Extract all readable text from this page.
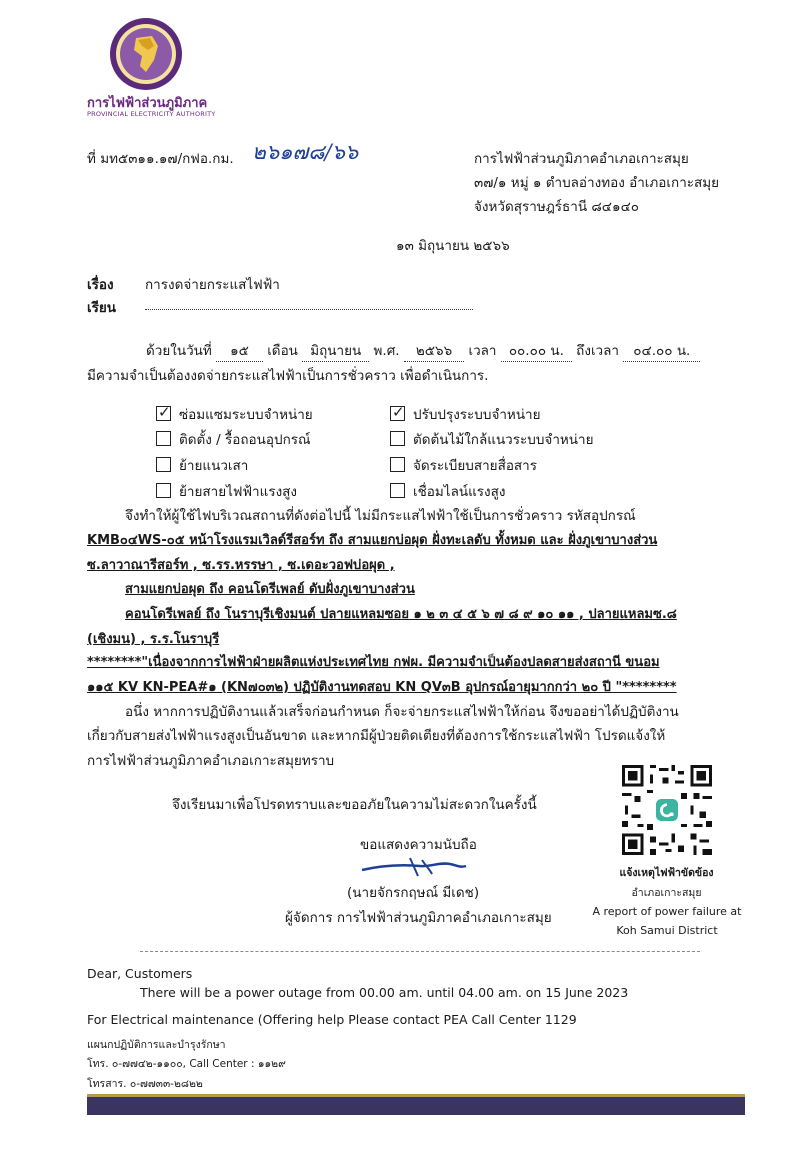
การไฟฟ้าส่วนภูมิภาค
PROVINCIAL ELECTRICITY AUTHORITY
ที่ มท๕๓๑๑.๑๗/กฟอ.กม. ๒๖๑๗๘/๖๖	การไฟฟ้าส่วนภูมิภาคอำเภอเกาะสมุย
๓๗/๑ หมู่ ๑ ตำบลอ่างทอง อำเภอเกาะสมุย
จังหวัดสุราษฎร์ธานี ๘๔๑๔๐
๑๓ มิถุนายน ๒๕๖๖
เรื่อง การงดจ่ายกระแสไฟฟ้า
เรียน
ด้วยในวันที่ ๑๕ เดือน มิถุนายน พ.ศ. ๒๕๖๖ เวลา ๐๐.๐๐ น. ถึงเวลา ๐๔.๐๐ น.
มีความจำเป็นต้องงดจ่ายกระแสไฟฟ้าเป็นการชั่วคราว เพื่อดำเนินการ.
✓ซ่อมแซมระบบจำหน่าย
ติดตั้ง / รื้อถอนอุปกรณ์
ย้ายแนวเสา
ย้ายสายไฟฟ้าแรงสูง
✓ปรับปรุงระบบจำหน่าย
ตัดต้นไม้ใกล้แนวระบบจำหน่าย
จัดระเบียบสายสื่อสาร
เชื่อมไลน์แรงสูง
จึงทำให้ผู้ใช้ไฟบริเวณสถานที่ดังต่อไปนี้ ไม่มีกระแสไฟฟ้าใช้เป็นการชั่วคราว รหัสอุปกรณ์
KMB๐๔WS-๐๕ หน้าโรงแรมเวิลด์รีสอร์ท ถึง สามแยกบ่อผุด ฝั่งทะเลดับ ทั้งหมด และ ฝั่งภูเขาบางส่วน
ซ.ลาวาณารีสอร์ท , ซ.รร.หรรษา , ซ.เดอะวอฟบ่อผุด ,
สามแยกบ่อผุด ถึง คอนโดรีเพลย์ ดับฝั่งภูเขาบางส่วน
คอนโดรีเพลย์ ถึง โนราบุรีเชิงมนต์ ปลายแหลมซอย ๑ ๒ ๓ ๔ ๕ ๖ ๗ ๘ ๙ ๑๐ ๑๑ , ปลายแหลมซ.๘
(เชิงมน) , ร.ร.โนราบุรี
********"เนื่องจากการไฟฟ้าฝ่ายผลิตแห่งประเทศไทย กฟผ. มีความจำเป็นต้องปลดสายส่งสถานี ขนอม
๑๑๕ KV KN-PEA#๑ (KN๗๐๓๒) ปฏิบัติงานทดสอบ KN QV๓B อุปกรณ์อายุมากกว่า ๒๐ ปี "********
อนึ่ง หากการปฏิบัติงานแล้วเสร็จก่อนกำหนด ก็จะจ่ายกระแสไฟฟ้าให้ก่อน จึงขออย่าได้ปฏิบัติงาน
เกี่ยวกับสายส่งไฟฟ้าแรงสูงเป็นอันขาด และหากมีผู้ป่วยติดเตียงที่ต้องการใช้กระแสไฟฟ้า โปรดแจ้งให้
การไฟฟ้าส่วนภูมิภาคอำเภอเกาะสมุยทราบ
จึงเรียนมาเพื่อโปรดทราบและขออภัยในความไม่สะดวกในครั้งนี้
ขอแสดงความนับถือ
(นายจักรกฤษณ์ มีเดช)
ผู้จัดการ การไฟฟ้าส่วนภูมิภาคอำเภอเกาะสมุย
แจ้งเหตุไฟฟ้าขัดข้อง
อำเภอเกาะสมุย
A report of power failure at
Koh Samui District
Dear, Customers
There will be a power outage from 00.00 am. until 04.00 am. on 15 June 2023
For Electrical maintenance (Offering help Please contact PEA Call Center 1129
แผนกปฏิบัติการและบำรุงรักษา
โทร. ๐-๗๗๔๒-๑๑๐๐, Call Center : ๑๑๒๙
โทรสาร. ๐-๗๗๓๓-๒๘๒๒
